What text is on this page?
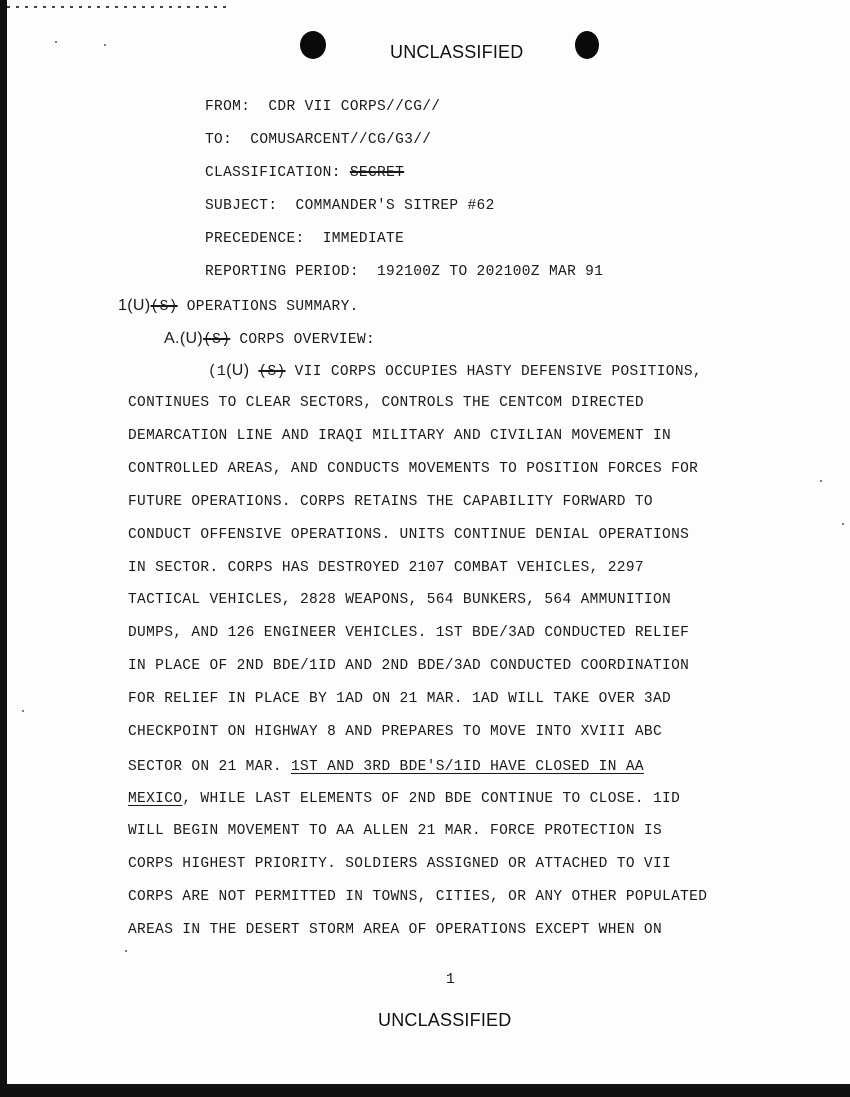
UNCLASSIFIED
FROM: CDR VII CORPS//CG//
TO: COMUSARCENT//CG/G3//
CLASSIFICATION: SECRET
SUBJECT: COMMANDER'S SITREP #62
PRECEDENCE: IMMEDIATE
REPORTING PERIOD: 192100Z TO 202100Z MAR 91
1(U)(S) OPERATIONS SUMMARY.
A.(U)(S) CORPS OVERVIEW:
(1(U) (S) VII CORPS OCCUPIES HASTY DEFENSIVE POSITIONS,
CONTINUES TO CLEAR SECTORS, CONTROLS THE CENTCOM DIRECTED
DEMARCATION LINE AND IRAQI MILITARY AND CIVILIAN MOVEMENT IN
CONTROLLED AREAS, AND CONDUCTS MOVEMENTS TO POSITION FORCES FOR
FUTURE OPERATIONS. CORPS RETAINS THE CAPABILITY FORWARD TO
CONDUCT OFFENSIVE OPERATIONS. UNITS CONTINUE DENIAL OPERATIONS
IN SECTOR. CORPS HAS DESTROYED 2107 COMBAT VEHICLES, 2297
TACTICAL VEHICLES, 2828 WEAPONS, 564 BUNKERS, 564 AMMUNITION
DUMPS, AND 126 ENGINEER VEHICLES. 1ST BDE/3AD CONDUCTED RELIEF
IN PLACE OF 2ND BDE/1ID AND 2ND BDE/3AD CONDUCTED COORDINATION
FOR RELIEF IN PLACE BY 1AD ON 21 MAR. 1AD WILL TAKE OVER 3AD
CHECKPOINT ON HIGHWAY 8 AND PREPARES TO MOVE INTO XVIII ABC
SECTOR ON 21 MAR. 1ST AND 3RD BDE'S/1ID HAVE CLOSED IN AA
MEXICO, WHILE LAST ELEMENTS OF 2ND BDE CONTINUE TO CLOSE. 1ID
WILL BEGIN MOVEMENT TO AA ALLEN 21 MAR. FORCE PROTECTION IS
CORPS HIGHEST PRIORITY. SOLDIERS ASSIGNED OR ATTACHED TO VII
CORPS ARE NOT PERMITTED IN TOWNS, CITIES, OR ANY OTHER POPULATED
AREAS IN THE DESERT STORM AREA OF OPERATIONS EXCEPT WHEN ON
1
UNCLASSIFIED
